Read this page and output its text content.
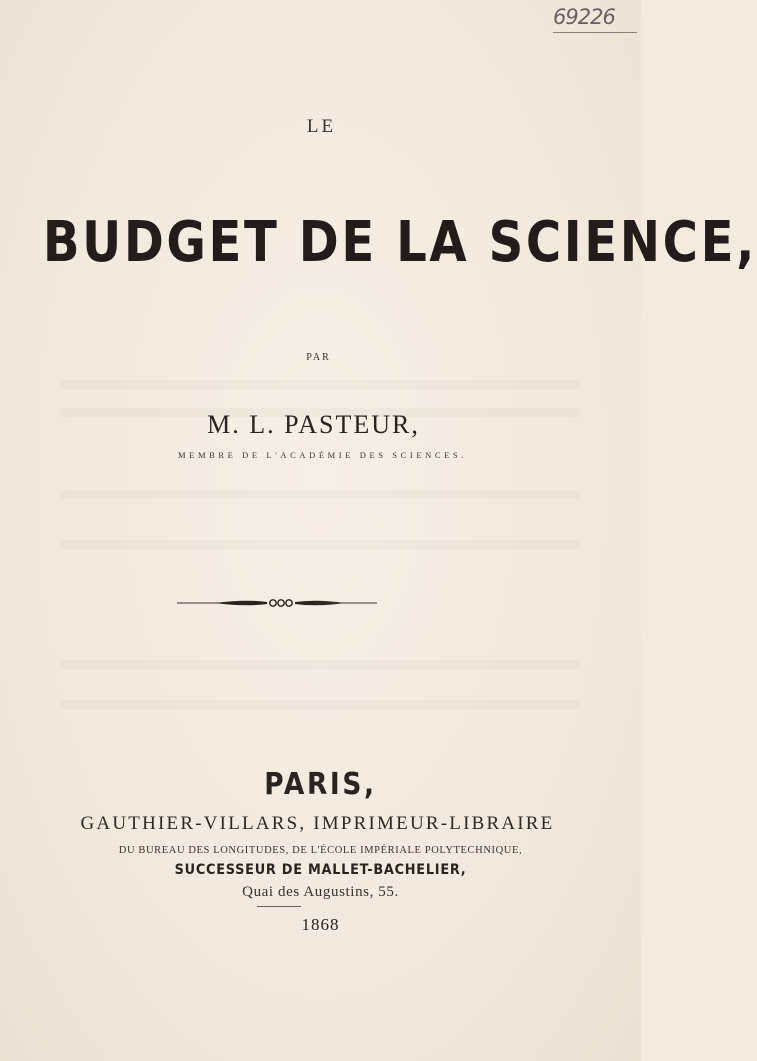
69226
LE
BUDGET DE LA SCIENCE,
PAR
M. L. PASTEUR,
MEMBRE DE L'ACADÉMIE DES SCIENCES.
PARIS,
GAUTHIER-VILLARS, IMPRIMEUR-LIBRAIRE
DU BUREAU DES LONGITUDES, DE L'ÉCOLE IMPÉRIALE POLYTECHNIQUE,
SUCCESSEUR DE MALLET-BACHELIER,
Quai des Augustins, 55.
1868
